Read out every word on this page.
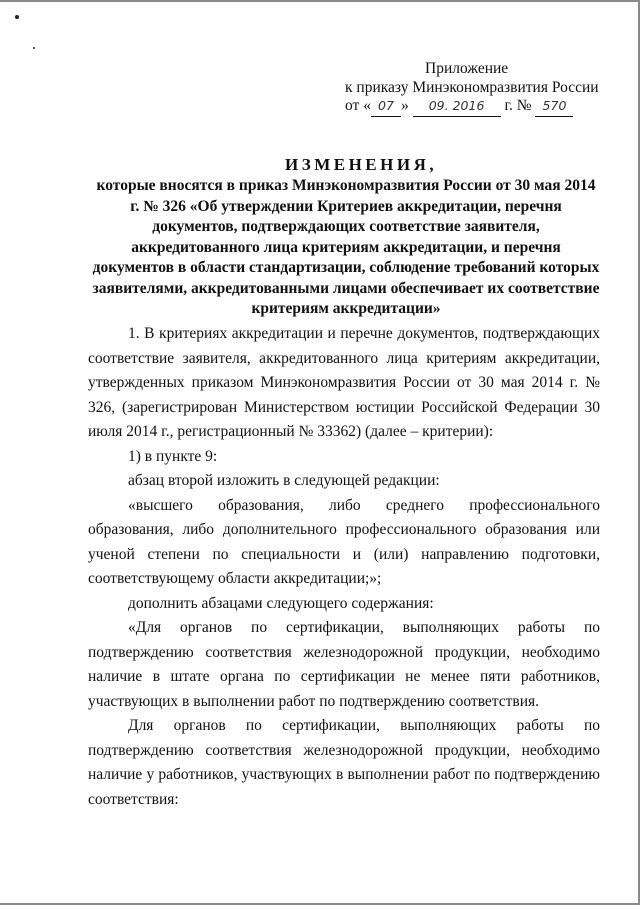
Приложение
к приказу Минэкономразвития России
от « 07 » 09. 2016 г. № 570
ИЗМЕНЕНИЯ,
которые вносятся в приказ Минэкономразвития России от 30 мая 2014 г. № 326 «Об утверждении Критериев аккредитации, перечня документов, подтверждающих соответствие заявителя, аккредитованного лица критериям аккредитации, и перечня документов в области стандартизации, соблюдение требований которых заявителями, аккредитованными лицами обеспечивает их соответствие критериям аккредитации»

1. В критериях аккредитации и перечне документов, подтверждающих соответствие заявителя, аккредитованного лица критериям аккредитации, утвержденных приказом Минэкономразвития России от 30 мая 2014 г. № 326, (зарегистрирован Министерством юстиции Российской Федерации 30 июля 2014 г., регистрационный № 33362) (далее – критерии):

1) в пункте 9:

абзац второй изложить в следующей редакции:

«высшего образования, либо среднего профессионального образования, либо дополнительного профессионального образования или ученой степени по специальности и (или) направлению подготовки, соответствующему области аккредитации;»;

дополнить абзацами следующего содержания:

«Для органов по сертификации, выполняющих работы по подтверждению соответствия железнодорожной продукции, необходимо наличие в штате органа по сертификации не менее пяти работников, участвующих в выполнении работ по подтверждению соответствия.

Для органов по сертификации, выполняющих работы по подтверждению соответствия железнодорожной продукции, необходимо наличие у работников, участвующих в выполнении работ по подтверждению соответствия:
